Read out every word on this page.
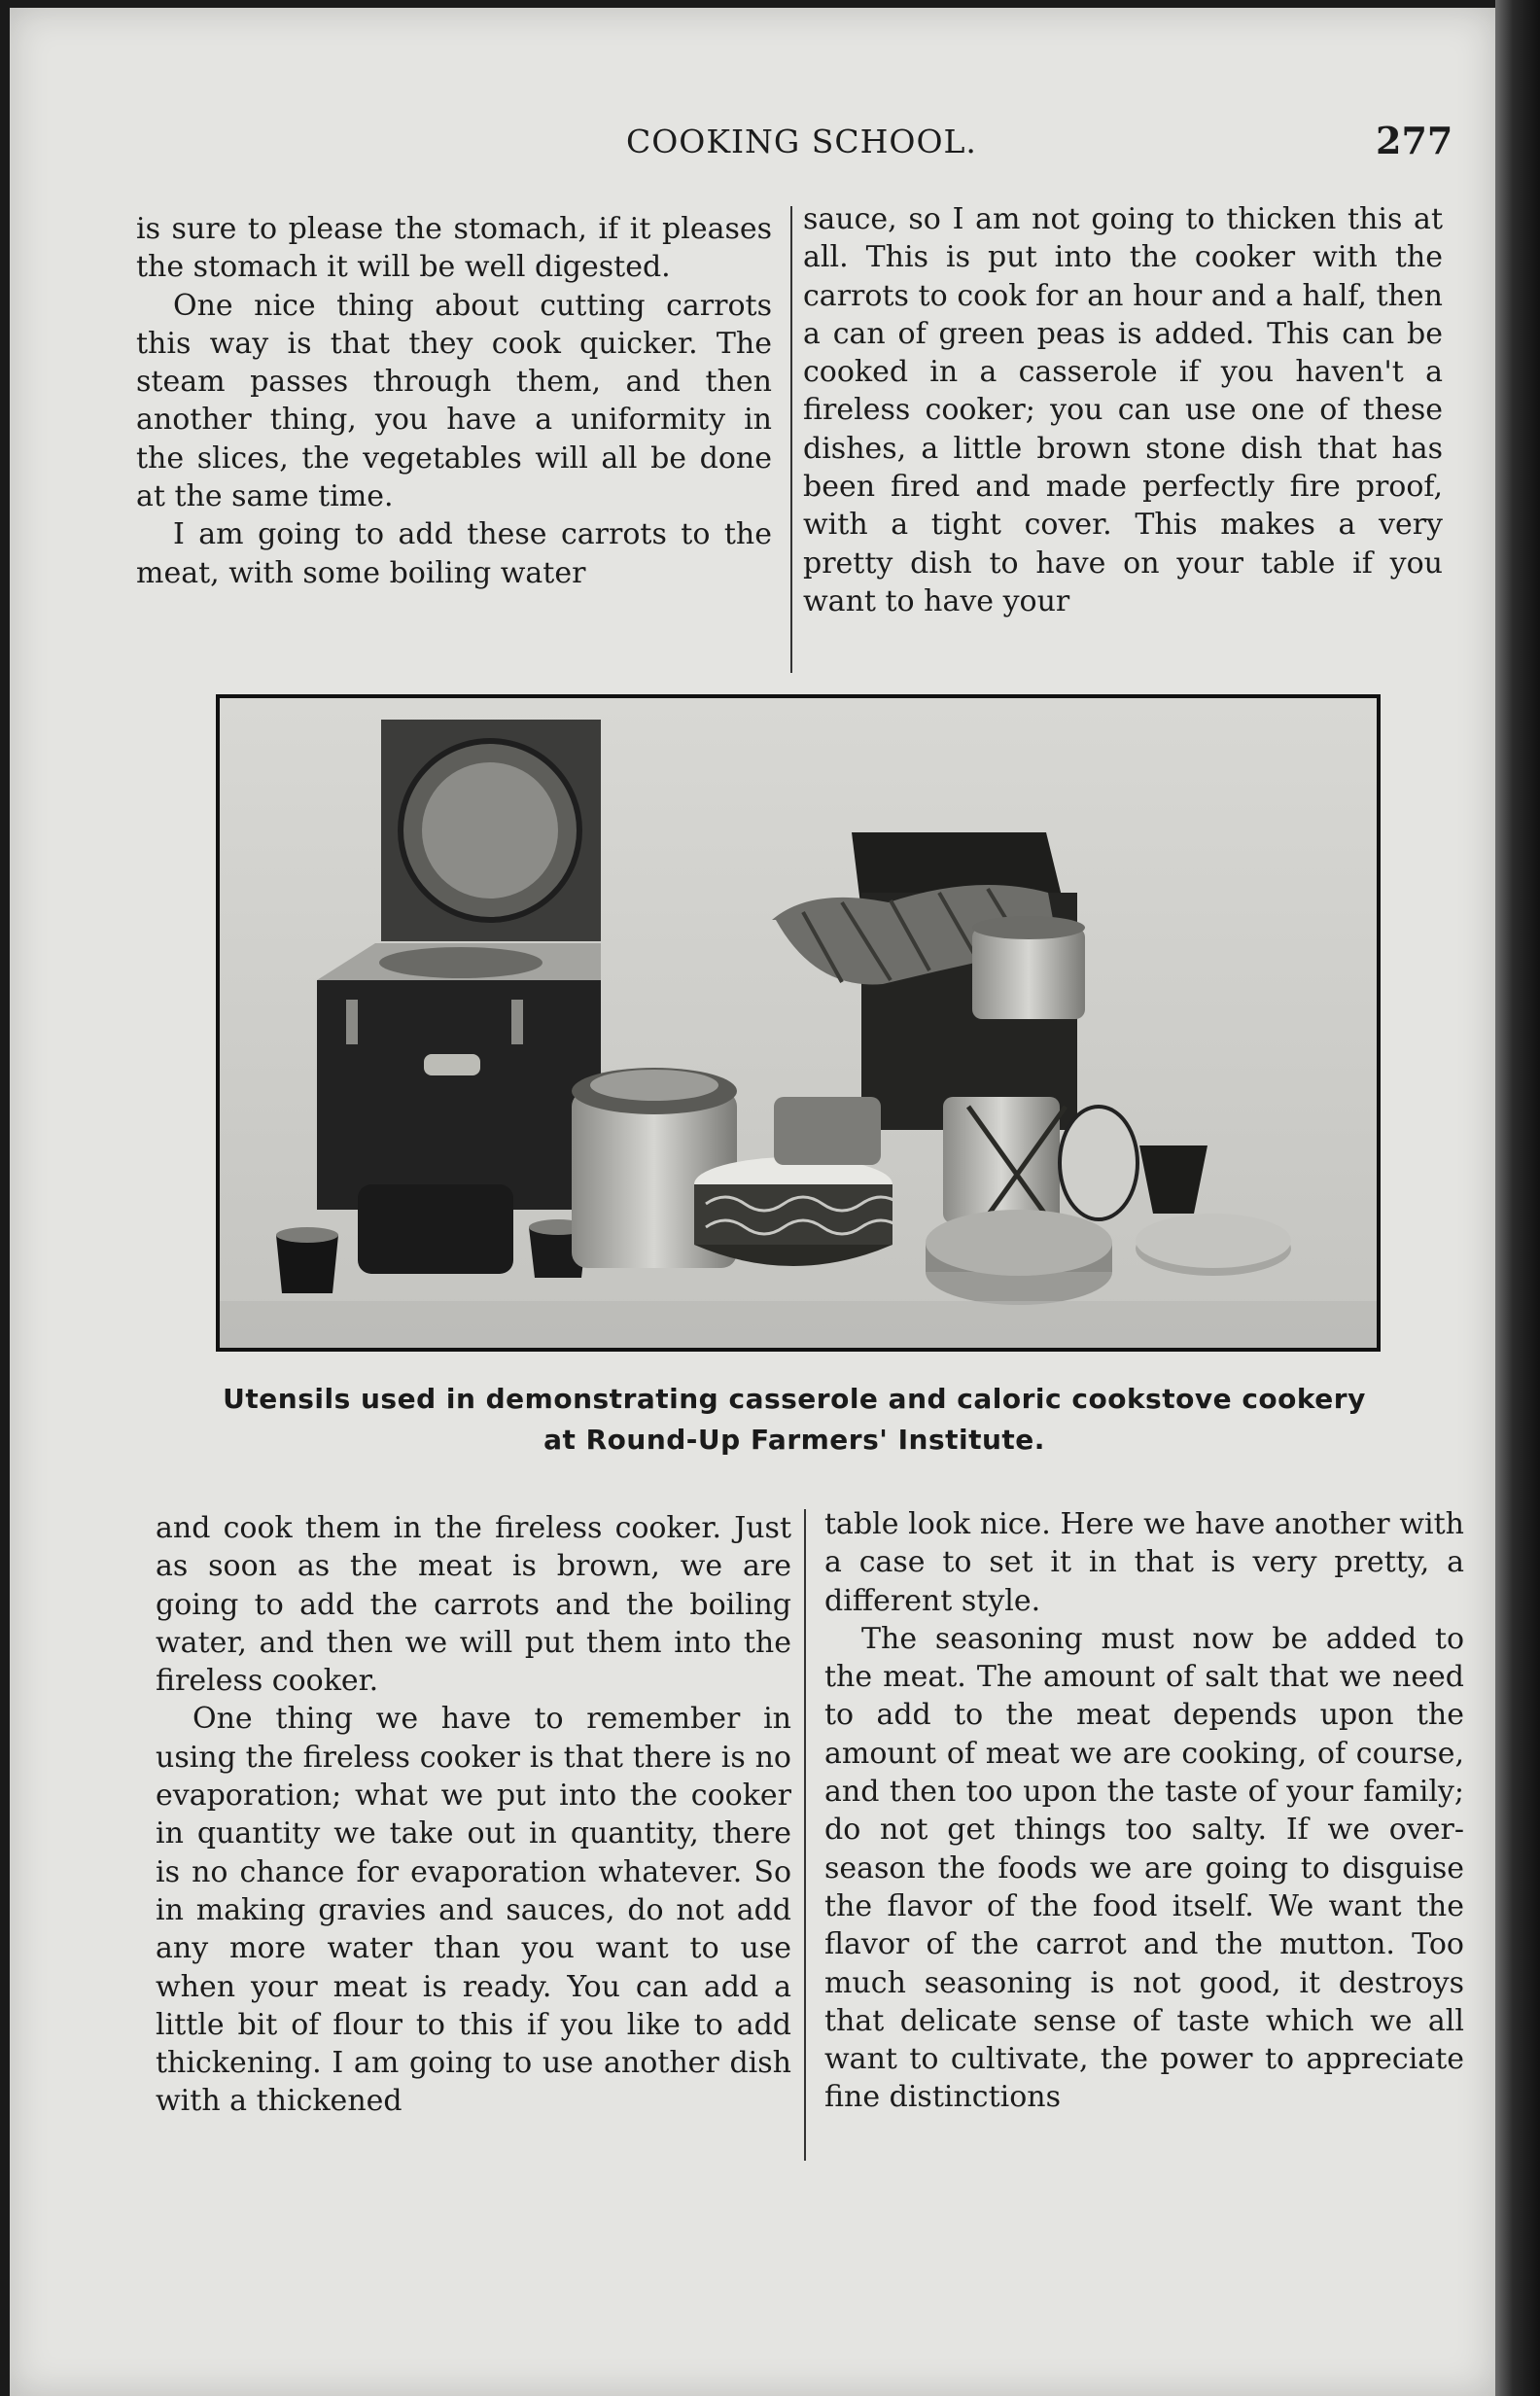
COOKING SCHOOL.	277

is sure to please the stomach, if it pleases the stomach it will be well digested.

One nice thing about cutting carrots this way is that they cook quicker. The steam passes through them, and then another thing, you have a uniformity in the slices, the vegetables will all be done at the same time.

I am going to add these carrots to the meat, with some boiling water

sauce, so I am not going to thicken this at all. This is put into the cooker with the carrots to cook for an hour and a half, then a can of green peas is added. This can be cooked in a casserole if you haven't a fireless cooker; you can use one of these dishes, a little brown stone dish that has been fired and made perfectly fire proof, with a tight cover. This makes a very pretty dish to have on your table if you want to have your

Utensils used in demonstrating casserole and caloric cookstove cookery
at Round-Up Farmers' Institute.

and cook them in the fireless cooker. Just as soon as the meat is brown, we are going to add the carrots and the boiling water, and then we will put them into the fireless cooker.

One thing we have to remember in using the fireless cooker is that there is no evaporation; what we put into the cooker in quantity we take out in quantity, there is no chance for evaporation whatever. So in making gravies and sauces, do not add any more water than you want to use when your meat is ready. You can add a little bit of flour to this if you like to add thickening. I am going to use another dish with a thickened

table look nice. Here we have another with a case to set it in that is very pretty, a different style.

The seasoning must now be added to the meat. The amount of salt that we need to add to the meat depends upon the amount of meat we are cooking, of course, and then too upon the taste of your family; do not get things too salty. If we over-season the foods we are going to disguise the flavor of the food itself. We want the flavor of the carrot and the mutton. Too much seasoning is not good, it destroys that delicate sense of taste which we all want to cultivate, the power to appreciate fine distinctions
